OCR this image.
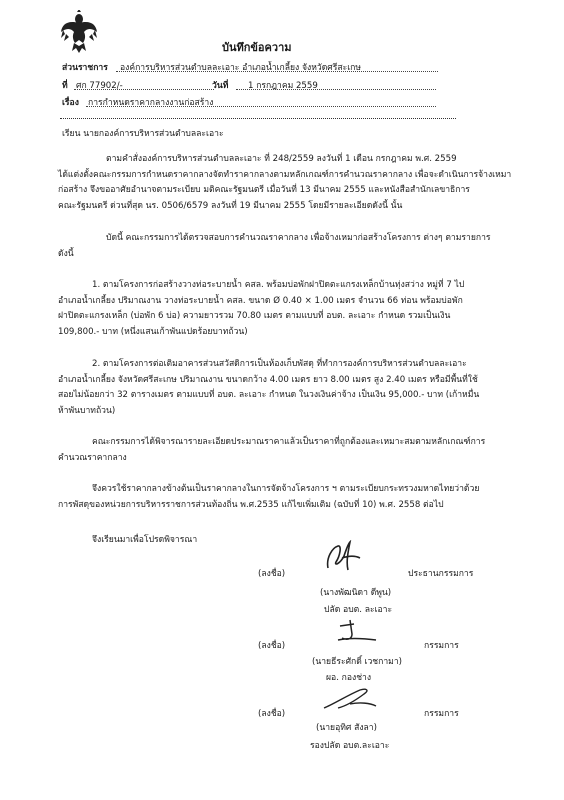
บันทึกข้อความ
ส่วนราชการ องค์การบริหารส่วนตำบลละเอาะ อำเภอน้ำเกลี้ยง จังหวัดศรีสะเกษ
ที่ ศก 77902/-	วันที่ 1 กรกฎาคม 2559
เรื่อง การกำหนดราคากลางงานก่อสร้าง
เรียน นายกองค์การบริหารส่วนตำบลละเอาะ
ตามคำสั่งองค์การบริหารส่วนตำบลละเอาะ ที่ 248/2559 ลงวันที่ 1 เดือน กรกฎาคม พ.ศ. 2559
ได้แต่งตั้งคณะกรรมการกำหนดราคากลางจัดทำราคากลางตามหลักเกณฑ์การคำนวณราคากลาง เพื่อจะดำเนินการจ้างเหมา
ก่อสร้าง จึงขออาศัยอำนาจตามระเบียบ มติคณะรัฐมนตรี เมื่อวันที่ 13 มีนาคม 2555 และหนังสือสำนักเลขาธิการ
คณะรัฐมนตรี ด่วนที่สุด นร. 0506/6579 ลงวันที่ 19 มีนาคม 2555 โดยมีรายละเอียดดังนี้ นั้น
บัดนี้ คณะกรรมการได้ตรวจสอบการคำนวณราคากลาง เพื่อจ้างเหมาก่อสร้างโครงการ ต่างๆ ตามรายการ
ดังนี้
1. ตามโครงการก่อสร้างวางท่อระบายน้ำ คสล. พร้อมบ่อพักฝาปิดตะแกรงเหล็กบ้านทุ่งสว่าง หมู่ที่ 7 ไป
อำเภอน้ำเกลี้ยง ปริมาณงาน วางท่อระบายน้ำ คสล. ขนาด Ø 0.40 × 1.00 เมตร จำนวน 66 ท่อน พร้อมบ่อพัก
ฝาปิดตะแกรงเหล็ก (บ่อพัก 6 บ่อ) ความยาวรวม 70.80 เมตร ตามแบบที่ อบต. ละเอาะ กำหนด รวมเป็นเงิน
109,800.- บาท (หนึ่งแสนเก้าพันแปดร้อยบาทถ้วน)
2. ตามโครงการต่อเติมอาคารส่วนสวัสดิการเป็นห้องเก็บพัสดุ ที่ทำการองค์การบริหารส่วนตำบลละเอาะ
อำเภอน้ำเกลี้ยง จังหวัดศรีสะเกษ ปริมาณงาน ขนาดกว้าง 4.00 เมตร ยาว 8.00 เมตร สูง 2.40 เมตร หรือมีพื้นที่ใช้
สอยไม่น้อยกว่า 32 ตารางเมตร ตามแบบที่ อบต. ละเอาะ กำหนด ในวงเงินค่าจ้าง เป็นเงิน 95,000.- บาท (เก้าหมื่น
ห้าพันบาทถ้วน)
คณะกรรมการได้พิจารณารายละเอียดประมาณราคาแล้วเป็นราคาที่ถูกต้องและเหมาะสมตามหลักเกณฑ์การ
คำนวณราคากลาง
จึงควรใช้ราคากลางข้างต้นเป็นราคากลางในการจัดจ้างโครงการ ฯ ตามระเบียบกระทรวงมหาดไทยว่าด้วย
การพัสดุของหน่วยการบริหารราชการส่วนท้องถิ่น พ.ศ.2535 แก้ไขเพิ่มเติม (ฉบับที่ 10) พ.ศ. 2558 ต่อไป
จึงเรียนมาเพื่อโปรดพิจารณา
(ลงชื่อ)
(นางพัฒนิดา ดีพูน)
ปลัด อบต. ละเอาะ
ประธานกรรมการ
(ลงชื่อ)
(นายธีระศักดิ์ เวชกามา)
ผอ. กองช่าง
กรรมการ
(ลงชื่อ)
(นายอุทิศ สังลา)
รองปลัด อบต.ละเอาะ
กรรมการ
